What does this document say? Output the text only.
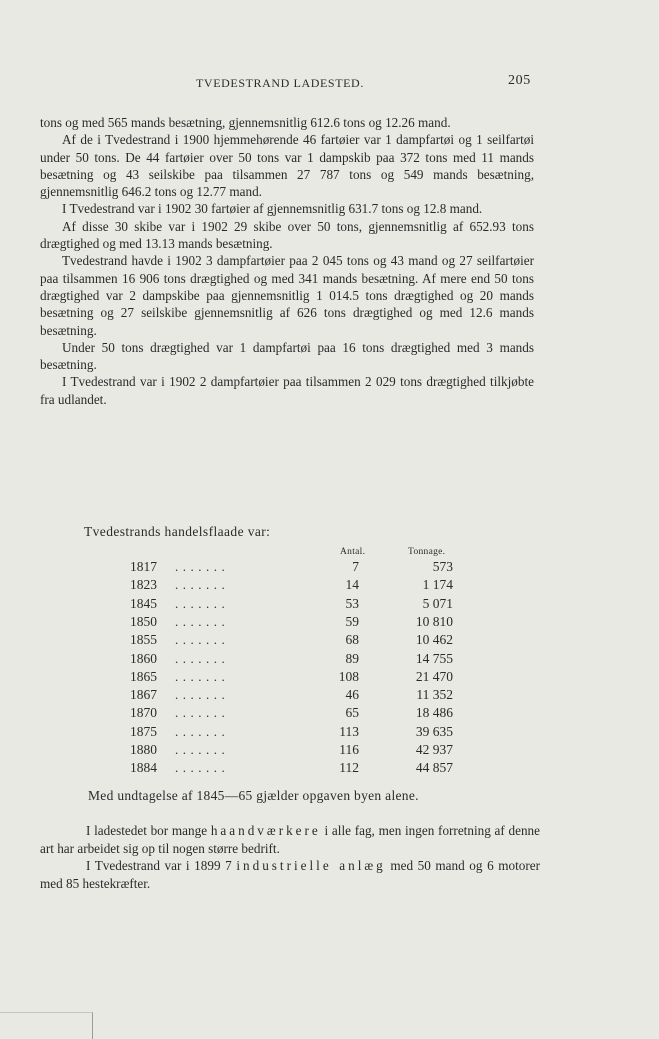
TVEDESTRAND LADESTED.	205

tons og med 565 mands besætning, gjennemsnitlig 612.6 tons og 12.26 mand.

Af de i Tvedestrand i 1900 hjemmehørende 46 fartøier var 1 dampfartøi og 1 seilfartøi under 50 tons. De 44 fartøier over 50 tons var 1 dampskib paa 372 tons med 11 mands besætning og 43 seilskibe paa tilsammen 27 787 tons og 549 mands besætning, gjennemsnitlig 646.2 tons og 12.77 mand.

I Tvedestrand var i 1902 30 fartøier af gjennemsnitlig 631.7 tons og 12.8 mand.

Af disse 30 skibe var i 1902 29 skibe over 50 tons, gjennemsnitlig af 652.93 tons drægtighed og med 13.13 mands besætning.

Tvedestrand havde i 1902 3 dampfartøier paa 2 045 tons og 43 mand og 27 seilfartøier paa tilsammen 16 906 tons drægtighed og med 341 mands besætning. Af mere end 50 tons drægtighed var 2 dampskibe paa gjennemsnitlig 1 014.5 tons drægtighed og 20 mands besætning og 27 seilskibe gjennemsnitlig af 626 tons drægtighed og med 12.6 mands besætning.

Under 50 tons drægtighed var 1 dampfartøi paa 16 tons drægtighed med 3 mands besætning.

I Tvedestrand var i 1902 2 dampfartøier paa tilsammen 2 029 tons drægtighed tilkjøbte fra udlandet.

Tvedestrands handelsflaade var:
Antal.	Tonnage.
1817 .......	7	573
1823 .......	14	1 174
1845 .......	53	5 071
1850 .......	59	10 810
1855 .......	68	10 462
1860 .......	89	14 755
1865 .......	108	21 470
1867 .......	46	11 352
1870 .......	65	18 486
1875 .......	113	39 635
1880 .......	116	42 937
1884 .......	112	44 857
Med undtagelse af 1845—65 gjælder opgaven byen alene.

I ladestedet bor mange haandværkere i alle fag, men ingen forretning af denne art har arbeidet sig op til nogen større bedrift.

I Tvedestrand var i 1899 7 industrielle anlæg med 50 mand og 6 motorer med 85 hestekræfter.
